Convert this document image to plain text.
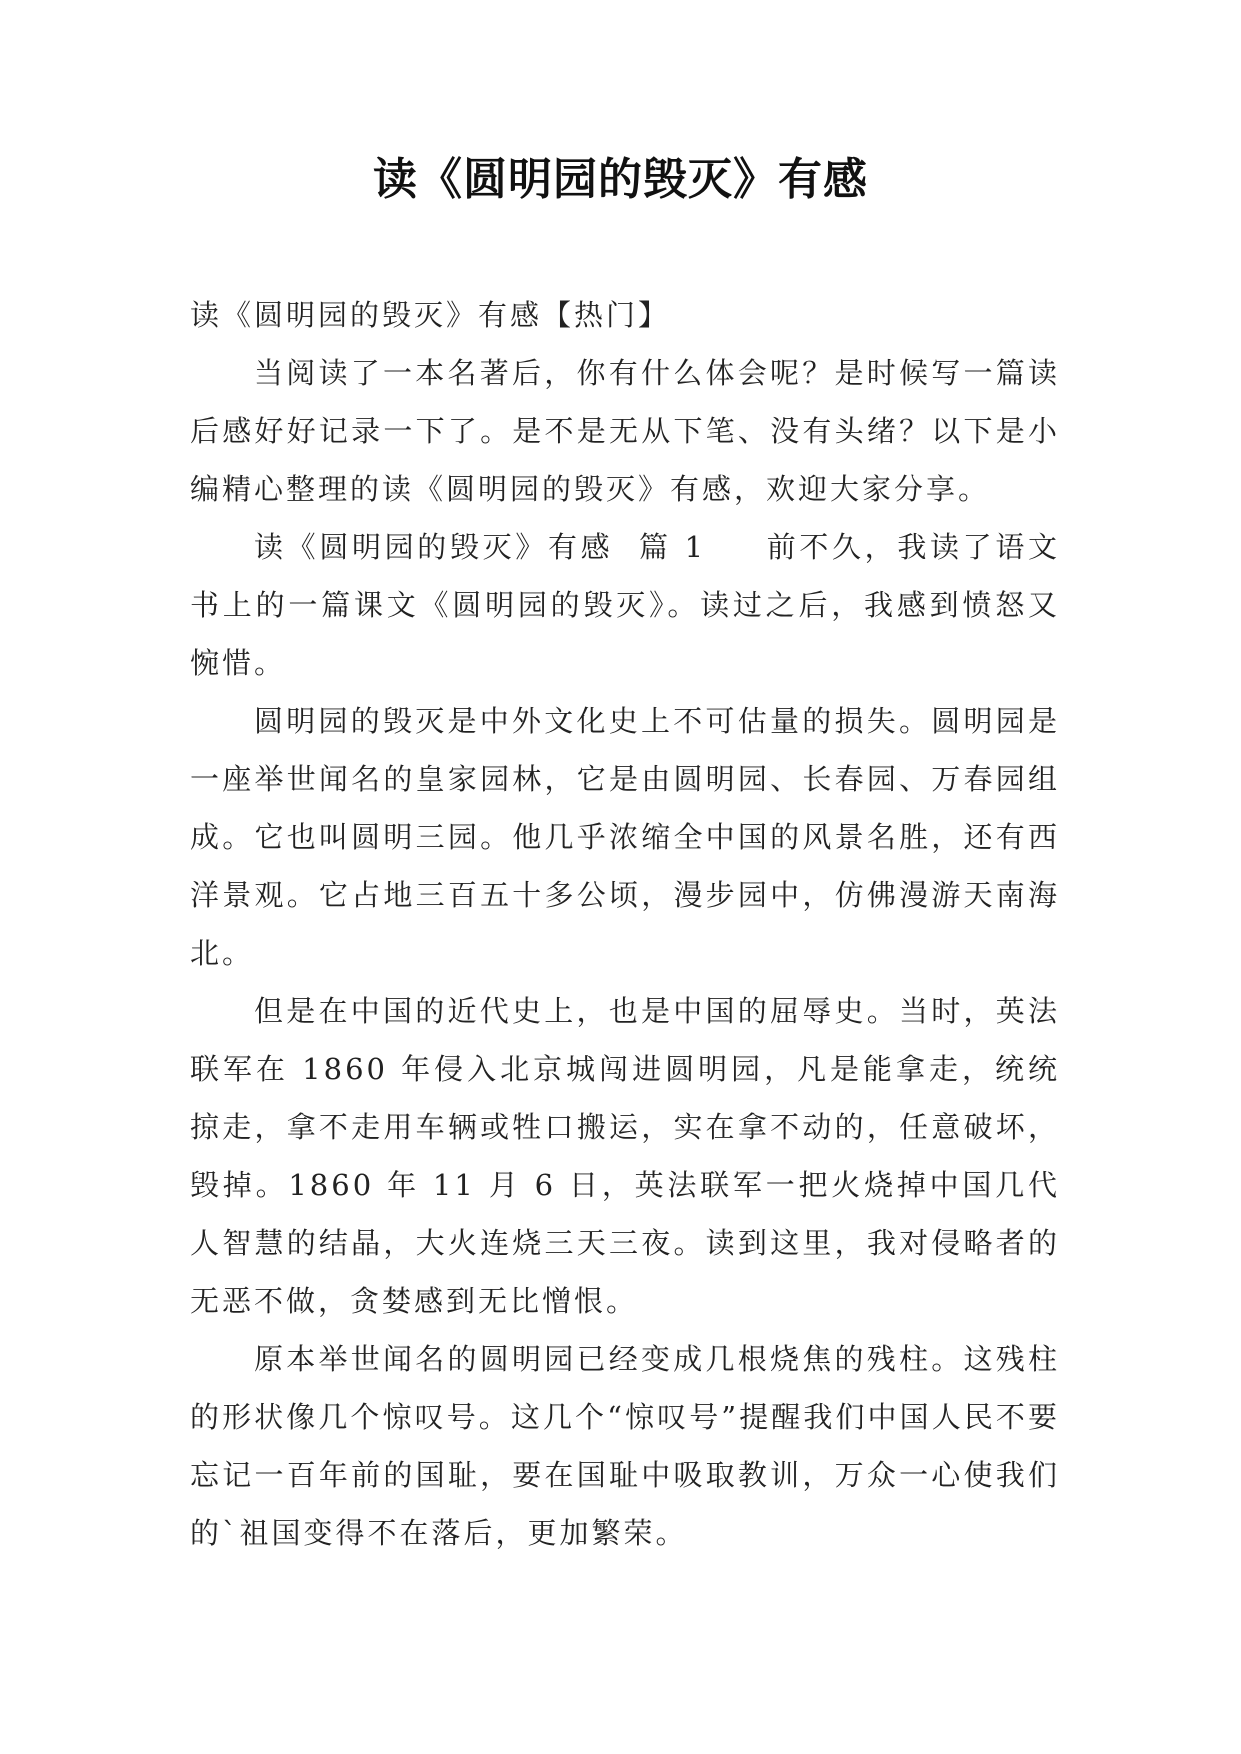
读《圆明园的毁灭》有感

读《圆明园的毁灭》有感【热门】

当阅读了一本名著后，你有什么体会呢？是时候写一篇读后感好好记录一下了。是不是无从下笔、没有头绪？以下是小编精心整理的读《圆明园的毁灭》有感，欢迎大家分享。

读《圆明园的毁灭》有感  篇 1 前不久，我读了语文书上的一篇课文《圆明园的毁灭》。读过之后，我感到愤怒又惋惜。

圆明园的毁灭是中外文化史上不可估量的损失。圆明园是一座举世闻名的皇家园林，它是由圆明园、长春园、万春园组成。它也叫圆明三园。他几乎浓缩全中国的风景名胜，还有西洋景观。它占地三百五十多公顷，漫步园中，仿佛漫游天南海北。

但是在中国的近代史上，也是中国的屈辱史。当时，英法联军在 1860 年侵入北京城闯进圆明园，凡是能拿走，统统掠走，拿不走用车辆或牲口搬运，实在拿不动的，任意破坏，毁掉。1860 年 11 月 6 日，英法联军一把火烧掉中国几代人智慧的结晶，大火连烧三天三夜。读到这里，我对侵略者的无恶不做，贪婪感到无比憎恨。

原本举世闻名的圆明园已经变成几根烧焦的残柱。这残柱的形状像几个惊叹号。这几个“惊叹号”提醒我们中国人民不要忘记一百年前的国耻，要在国耻中吸取教训，万众一心使我们的`祖国变得不在落后，更加繁荣。
